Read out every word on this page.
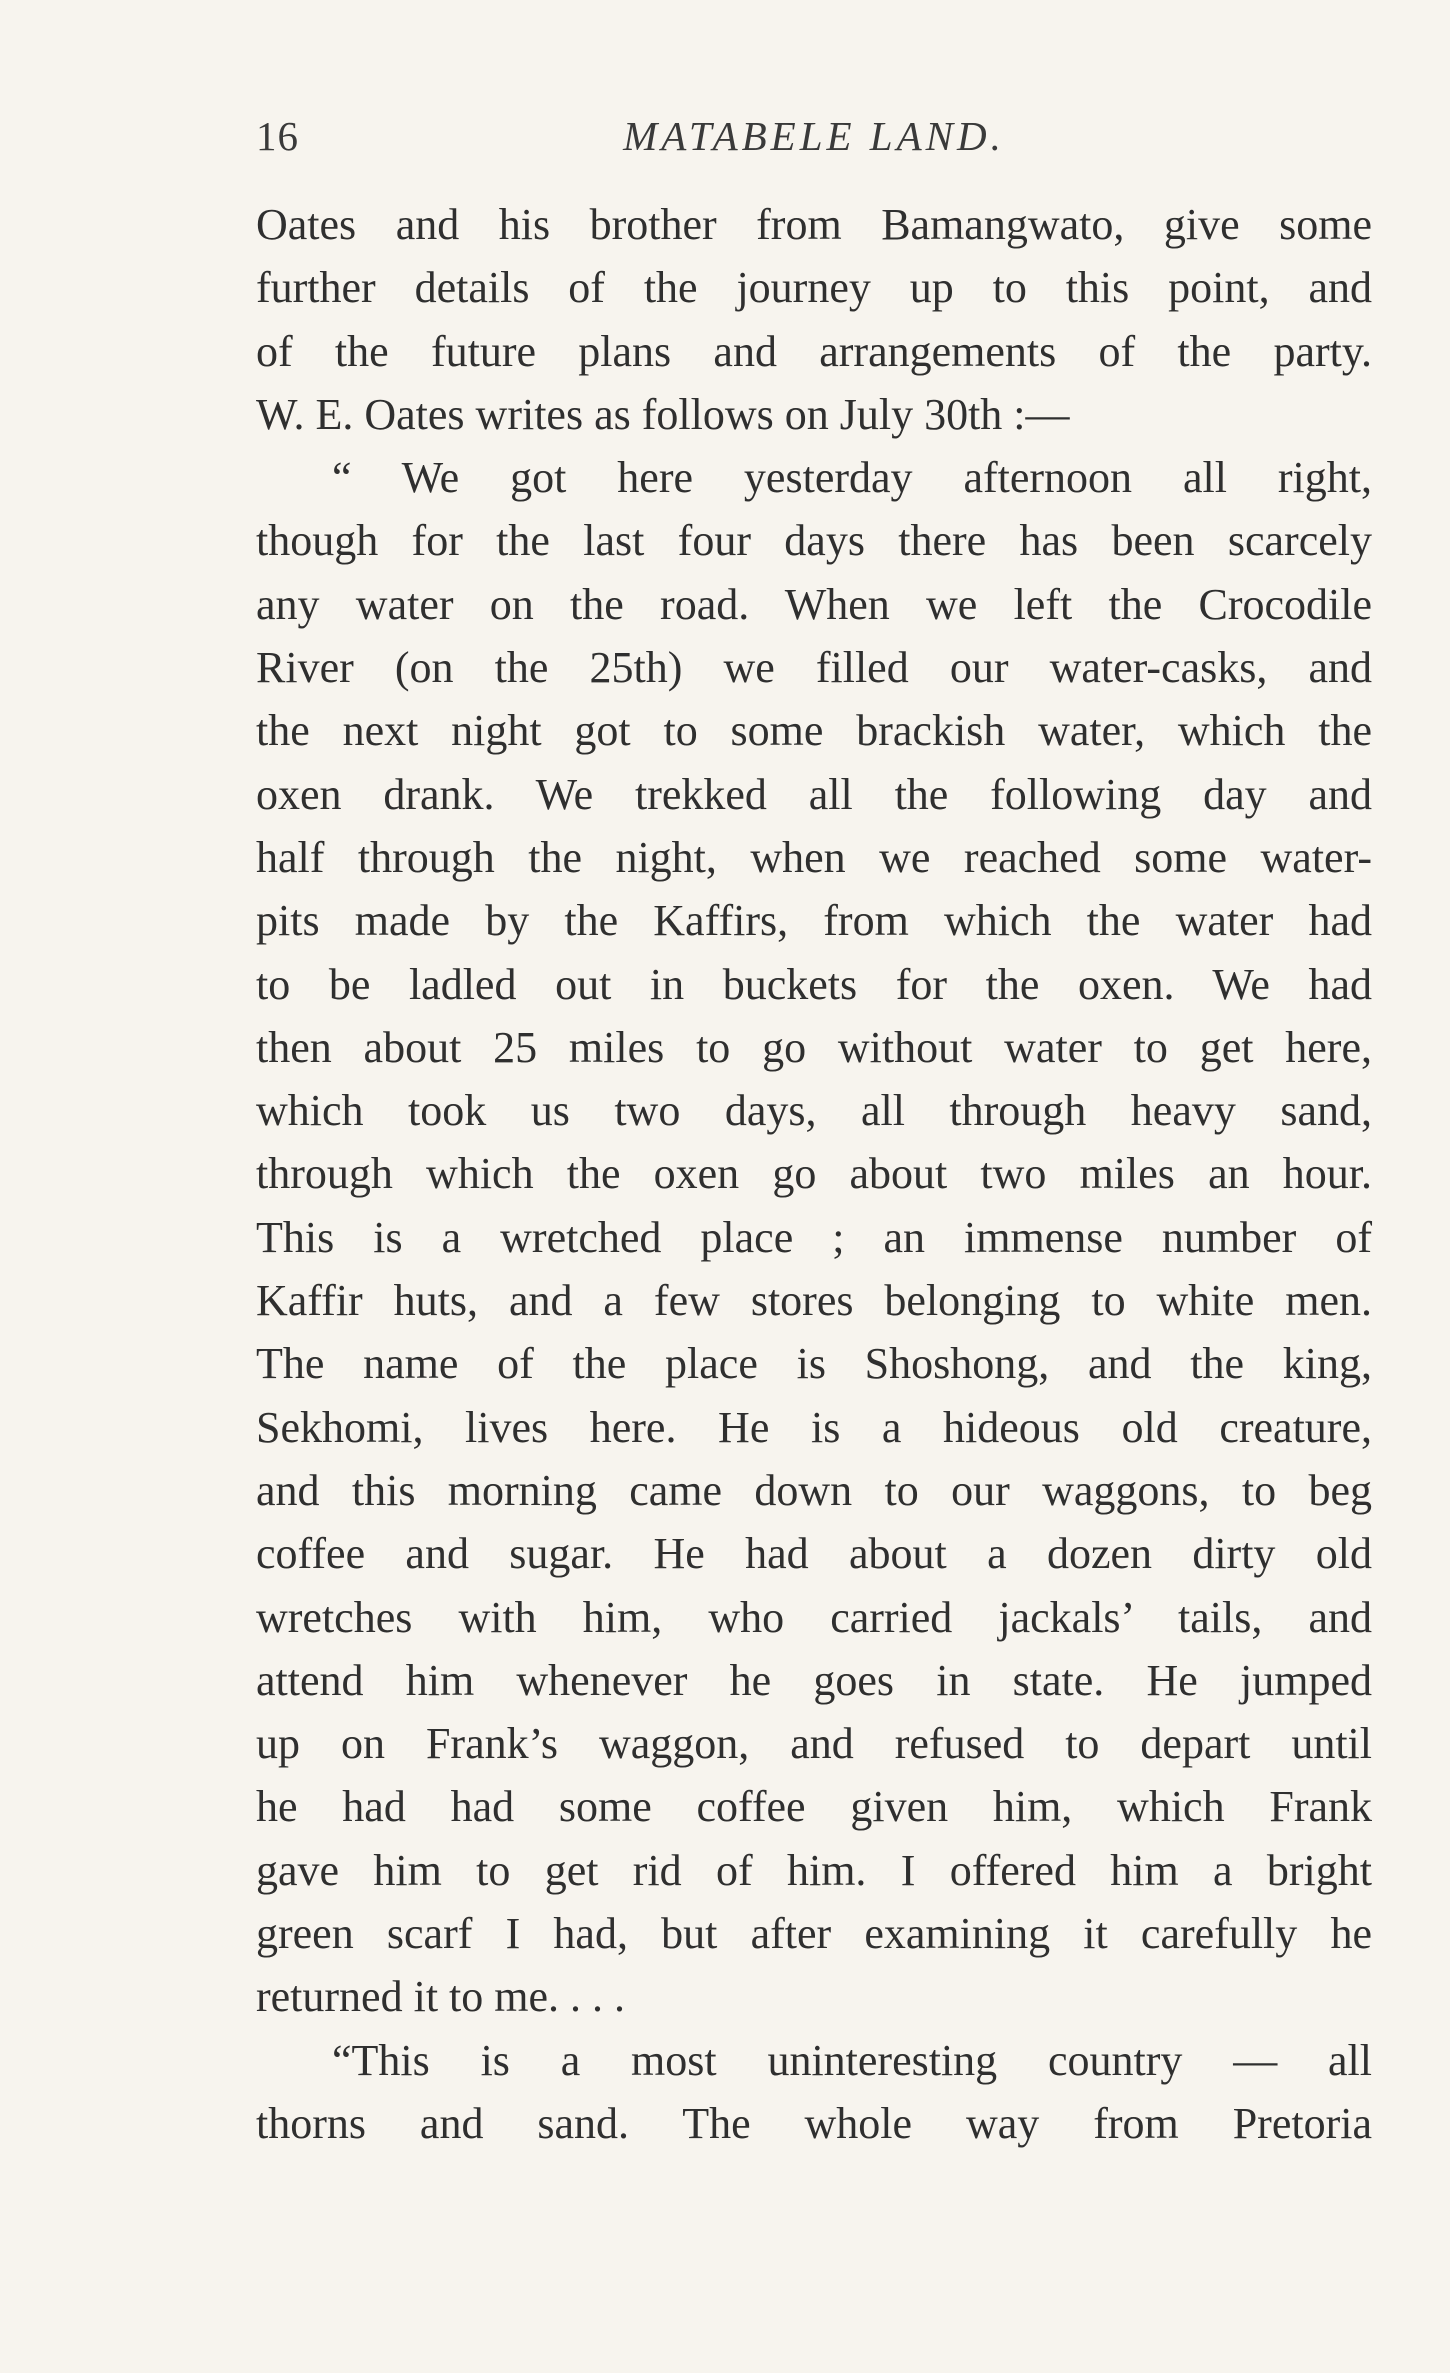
16	MATABELE LAND.
Oates and his brother from Bamangwato, give some
further details of the journey up to this point, and
of the future plans and arrangements of the party.
W. E. Oates writes as follows on July 30th :—
“ We got here yesterday afternoon all right,
though for the last four days there has been scarcely
any water on the road. When we left the Crocodile
River (on the 25th) we filled our water-casks, and
the next night got to some brackish water, which the
oxen drank. We trekked all the following day and
half through the night, when we reached some water-
pits made by the Kaffirs, from which the water had
to be ladled out in buckets for the oxen. We had
then about 25 miles to go without water to get here,
which took us two days, all through heavy sand,
through which the oxen go about two miles an hour.
This is a wretched place ; an immense number of
Kaffir huts, and a few stores belonging to white men.
The name of the place is Shoshong, and the king,
Sekhomi, lives here. He is a hideous old creature,
and this morning came down to our waggons, to beg
coffee and sugar. He had about a dozen dirty old
wretches with him, who carried jackals’ tails, and
attend him whenever he goes in state. He jumped
up on Frank’s waggon, and refused to depart until
he had had some coffee given him, which Frank
gave him to get rid of him. I offered him a bright
green scarf I had, but after examining it carefully he
returned it to me. . . .
“This is a most uninteresting country — all
thorns and sand. The whole way from Pretoria
